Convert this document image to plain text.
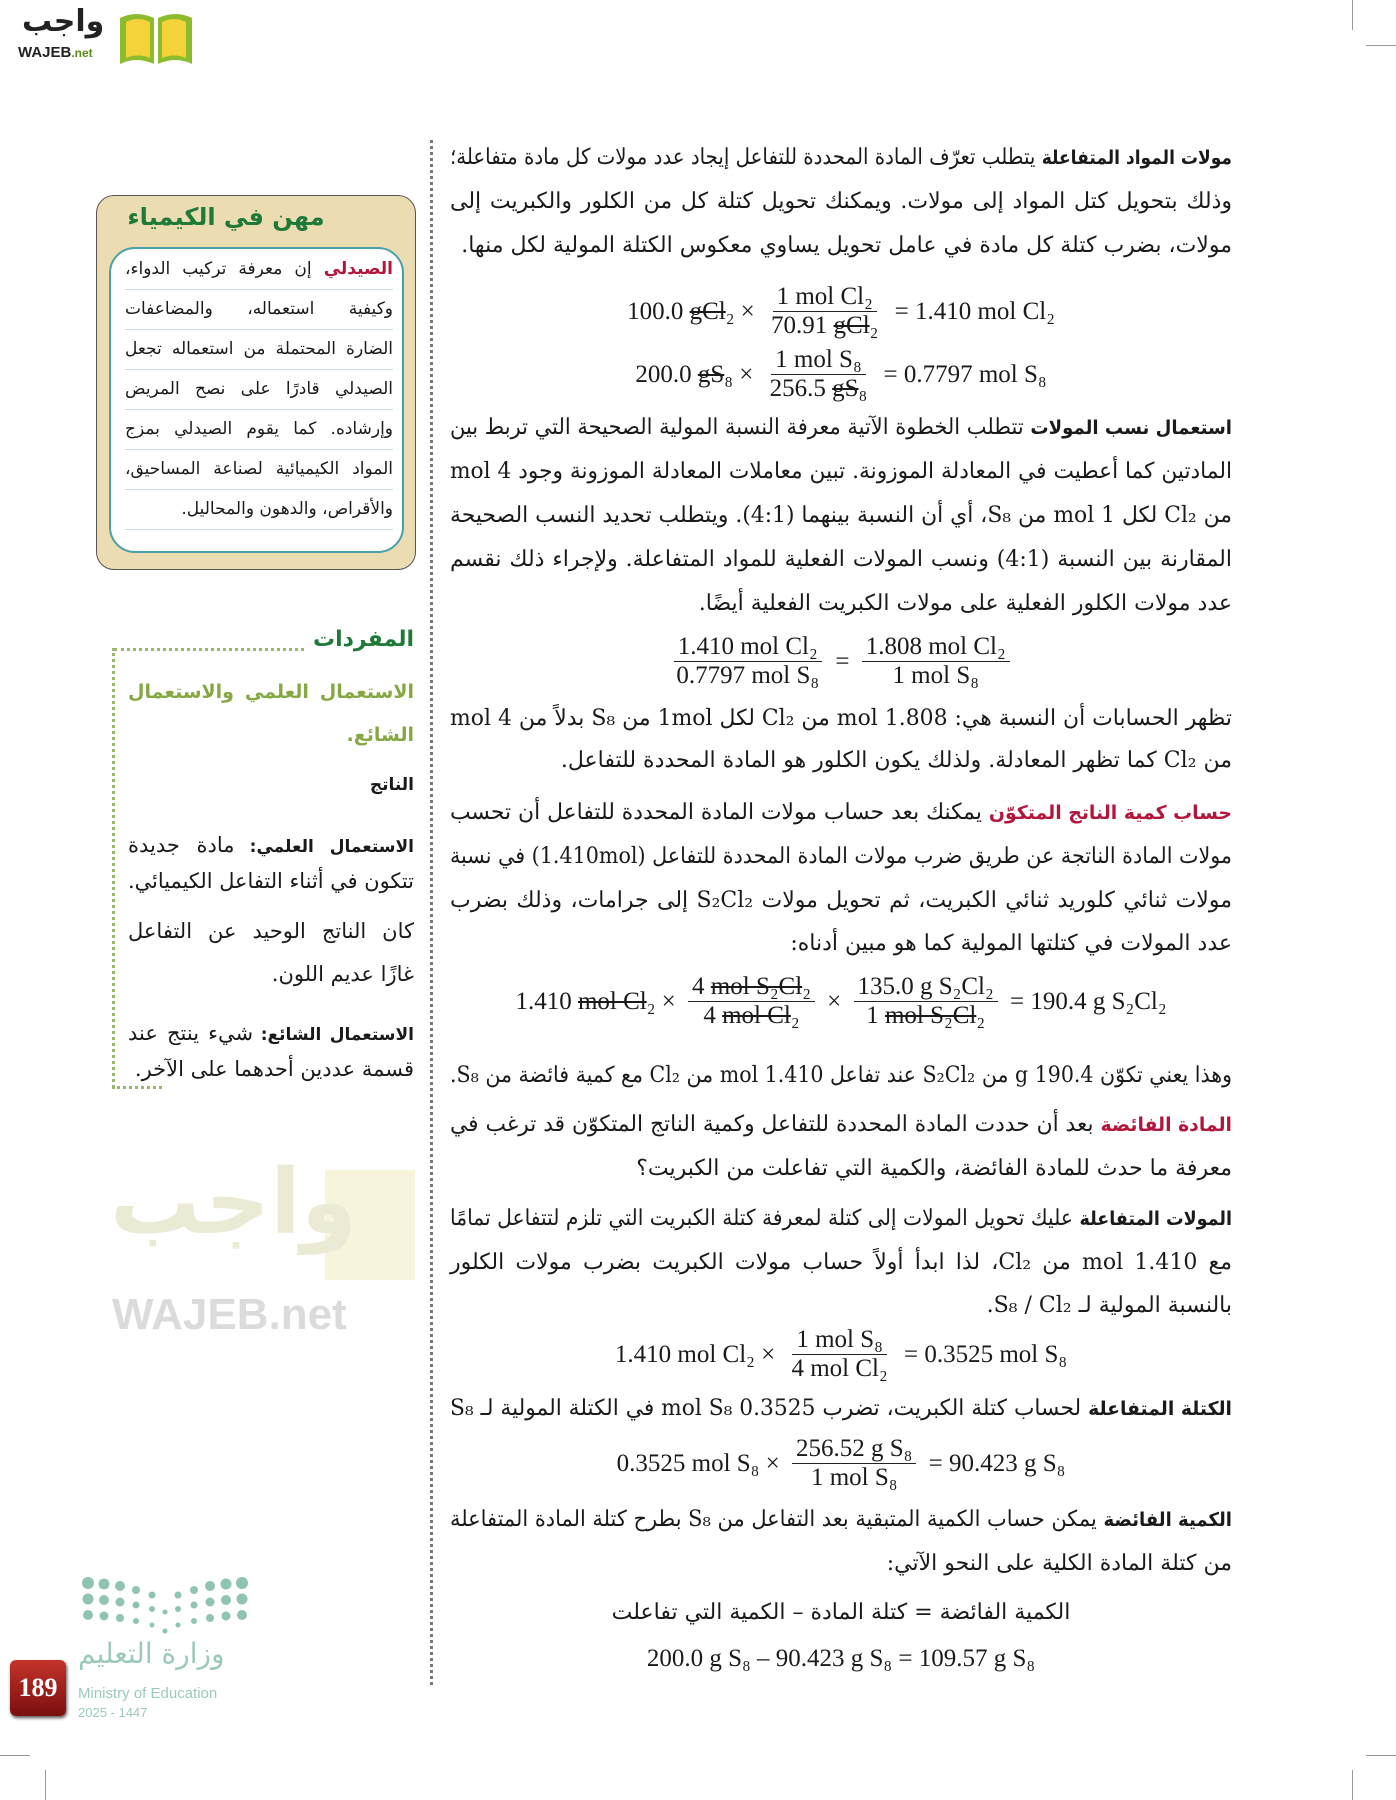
واجب
WAJEB.net
واجب
WAJEB.net
مهن في الكيمياء
الصيدلي إن معرفة تركيب الدواء،
وكيفية استعماله، والمضاعفات
الضارة المحتملة من استعماله تجعل
الصيدلي قادرًا على نصح المريض
وإرشاده. كما يقوم الصيدلي بمزج
المواد الكيميائية لصناعة المساحيق،
والأقراص، والدهون والمحاليل.
المفردات
الاستعمال العلمي والاستعمال
الشائع.
الناتج
الاستعمال العلمي: مادة جديدة
تتكون في أثناء التفاعل الكيميائي.
كان الناتج الوحيد عن التفاعل
غازًا عديم اللون.
الاستعمال الشائع: شيء ينتج عند
قسمة عددين أحدهما على الآخر.
مولات المواد المتفاعلة يتطلب تعرّف المادة المحددة للتفاعل إيجاد عدد مولات كل مادة متفاعلة؛
وذلك بتحويل كتل المواد إلى مولات. ويمكنك تحويل كتلة كل من الكلور والكبريت إلى
مولات، بضرب كتلة كل مادة في عامل تحويل يساوي معكوس الكتلة المولية لكل منها.
100.0 gCl $_2 \times \frac{\text{1 mol Cl₂}}{\text{70.91 gCl₂}} = 1.410$ mol Cl₂
200.0 gS $_8 \times \frac{\text{1 mol S₈}}{\text{256.5 gS₈}} = 0.7797$ mol S₈
استعمال نسب المولات تتطلب الخطوة الآتية معرفة النسبة المولية الصحيحة التي تربط بين
المادتين كما أعطيت في المعادلة الموزونة. تبين معاملات المعادلة الموزونة وجود 4 mol
من Cl₂ لكل 1 mol من S₈، أي أن النسبة بينهما (4:1). ويتطلب تحديد النسب الصحيحة
المقارنة بين النسبة (4:1) ونسب المولات الفعلية للمواد المتفاعلة. ولإجراء ذلك نقسم
عدد مولات الكلور الفعلية على مولات الكبريت الفعلية أيضًا.
$\frac{\text{1.410 mol Cl₂}}{\text{0.7797 mol S₈}} = \frac{\text{1.808 mol Cl₂}}{\text{1 mol S₈}}$
تظهر الحسابات أن النسبة هي: 1.808 mol من Cl₂ لكل 1mol من S₈ بدلاً من 4 mol
من Cl₂ كما تظهر المعادلة. ولذلك يكون الكلور هو المادة المحددة للتفاعل.
حساب كمية الناتج المتكوّن يمكنك بعد حساب مولات المادة المحددة للتفاعل أن تحسب
مولات المادة الناتجة عن طريق ضرب مولات المادة المحددة للتفاعل (1.410mol) في نسبة
مولات ثنائي كلوريد ثنائي الكبريت، ثم تحويل مولات S₂Cl₂ إلى جرامات، وذلك بضرب
عدد المولات في كتلتها المولية كما هو مبين أدناه:
1.410 mol Cl $_2 \times \frac{\text{4 mol S₂Cl₂}}{\text{4 mol Cl₂}} \times \frac{\text{135.0 g S₂Cl₂}}{\text{1 mol S₂Cl₂}} = 190.4$ g S₂Cl₂
وهذا يعني تكوّن 190.4 g من S₂Cl₂ عند تفاعل 1.410 mol من Cl₂ مع كمية فائضة من S₈.
المادة الفائضة بعد أن حددت المادة المحددة للتفاعل وكمية الناتج المتكوّن قد ترغب في
معرفة ما حدث للمادة الفائضة، والكمية التي تفاعلت من الكبريت؟
المولات المتفاعلة عليك تحويل المولات إلى كتلة لمعرفة كتلة الكبريت التي تلزم لتتفاعل تمامًا
مع 1.410 mol من Cl₂، لذا ابدأ أولاً حساب مولات الكبريت بضرب مولات الكلور
بالنسبة المولية لـ S₈ / Cl₂.
1.410 mol $Cl_2 \times \frac{\text{1 mol S₈}}{\text{4 mol Cl₂}} = 0.3525$ mol S₈
الكتلة المتفاعلة لحساب كتلة الكبريت، تضرب 0.3525 mol S₈ في الكتلة المولية لـ S₈
0.3525 mol $S_8 \times \frac{\text{256.52 g S₈}}{\text{1 mol S₈}} = 90.423$ g S₈
الكمية الفائضة يمكن حساب الكمية المتبقية بعد التفاعل من S₈ بطرح كتلة المادة المتفاعلة
من كتلة المادة الكلية على النحو الآتي:
الكمية الفائضة = كتلة المادة – الكمية التي تفاعلت
200.0 g S₈ – 90.423 g S₈ = 109.57 g S₈
وزارة التعليم
Ministry of Education
2025 - 1447
189
